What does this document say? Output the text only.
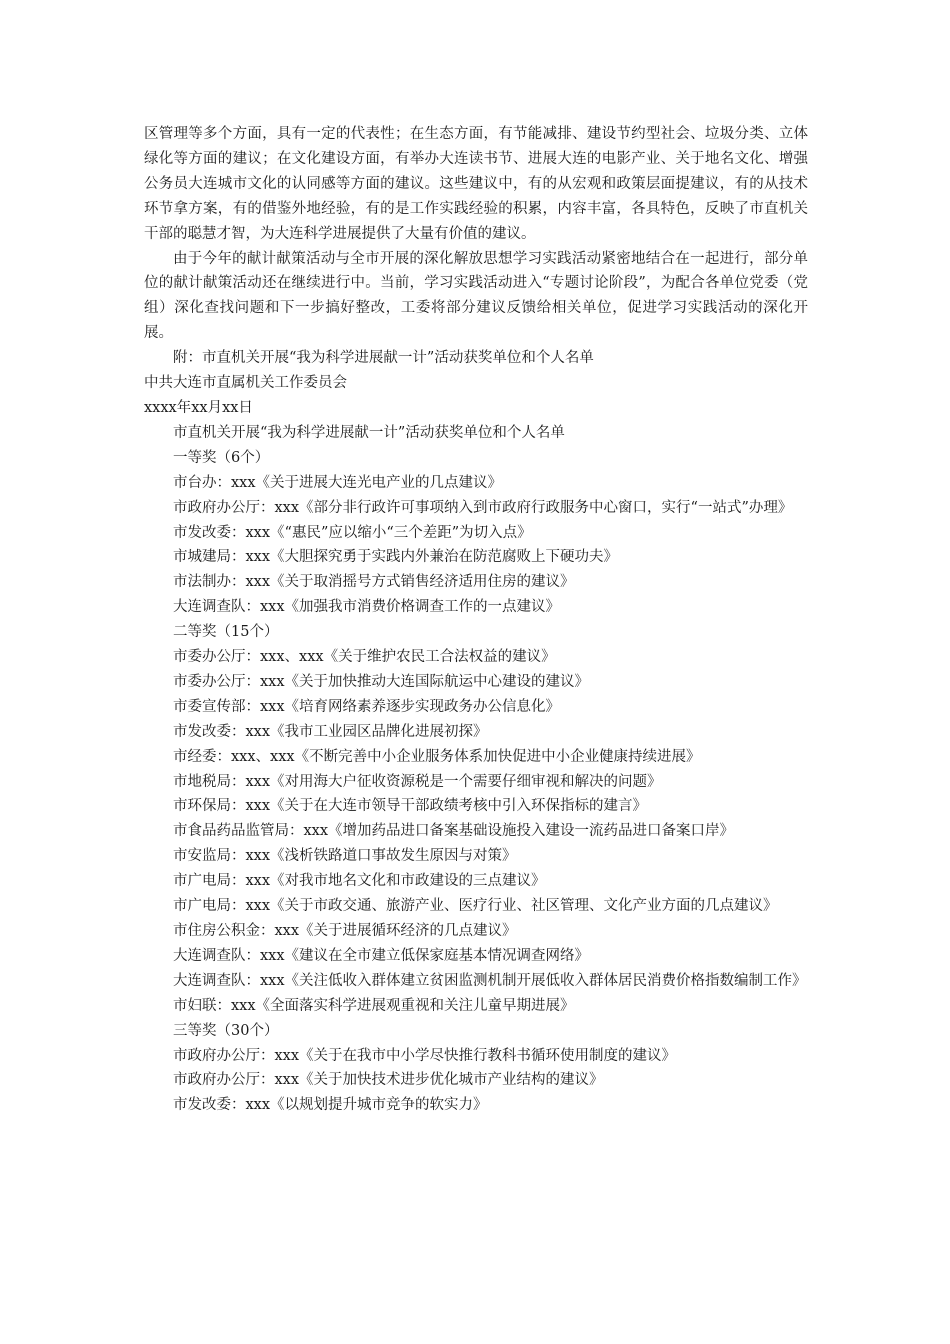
区管理等多个方面，具有一定的代表性；在生态方面，有节能减排、建设节约型社会、垃圾分类、立体绿化等方面的建议；在文化建设方面，有举办大连读书节、进展大连的电影产业、关于地名文化、增强公务员大连城市文化的认同感等方面的建议。这些建议中，有的从宏观和政策层面提建议，有的从技术环节拿方案，有的借鉴外地经验，有的是工作实践经验的积累，内容丰富，各具特色，反映了市直机关干部的聪慧才智，为大连科学进展提供了大量有价值的建议。

由于今年的献计献策活动与全市开展的深化解放思想学习实践活动紧密地结合在一起进行，部分单位的献计献策活动还在继续进行中。当前，学习实践活动进入“专题讨论阶段”，为配合各单位党委（党组）深化查找问题和下一步搞好整改，工委将部分建议反馈给相关单位，促进学习实践活动的深化开展。

附：市直机关开展“我为科学进展献一计”活动获奖单位和个人名单

中共大连市直属机关工作委员会

xxxx年xx月xx日

市直机关开展“我为科学进展献一计”活动获奖单位和个人名单

一等奖（6个）

市台办：xxx《关于进展大连光电产业的几点建议》

市政府办公厅：xxx《部分非行政许可事项纳入到市政府行政服务中心窗口，实行“一站式”办理》

市发改委：xxx《“惠民”应以缩小“三个差距”为切入点》

市城建局：xxx《大胆探究勇于实践内外兼治在防范腐败上下硬功夫》

市法制办：xxx《关于取消摇号方式销售经济适用住房的建议》

大连调查队：xxx《加强我市消费价格调查工作的一点建议》

二等奖（15个）

市委办公厅：xxx、xxx《关于维护农民工合法权益的建议》

市委办公厅：xxx《关于加快推动大连国际航运中心建设的建议》

市委宣传部：xxx《培育网络素养逐步实现政务办公信息化》

市发改委：xxx《我市工业园区品牌化进展初探》

市经委：xxx、xxx《不断完善中小企业服务体系加快促进中小企业健康持续进展》

市地税局：xxx《对用海大户征收资源税是一个需要仔细审视和解决的问题》

市环保局：xxx《关于在大连市领导干部政绩考核中引入环保指标的建言》

市食品药品监管局：xxx《增加药品进口备案基础设施投入建设一流药品进口备案口岸》

市安监局：xxx《浅析铁路道口事故发生原因与对策》

市广电局：xxx《对我市地名文化和市政建设的三点建议》

市广电局：xxx《关于市政交通、旅游产业、医疗行业、社区管理、文化产业方面的几点建议》

市住房公积金：xxx《关于进展循环经济的几点建议》

大连调查队：xxx《建议在全市建立低保家庭基本情况调查网络》

大连调查队：xxx《关注低收入群体建立贫困监测机制开展低收入群体居民消费价格指数编制工作》

市妇联：xxx《全面落实科学进展观重视和关注儿童早期进展》

三等奖（30个）

市政府办公厅：xxx《关于在我市中小学尽快推行教科书循环使用制度的建议》

市政府办公厅：xxx《关于加快技术进步优化城市产业结构的建议》

市发改委：xxx《以规划提升城市竞争的软实力》
